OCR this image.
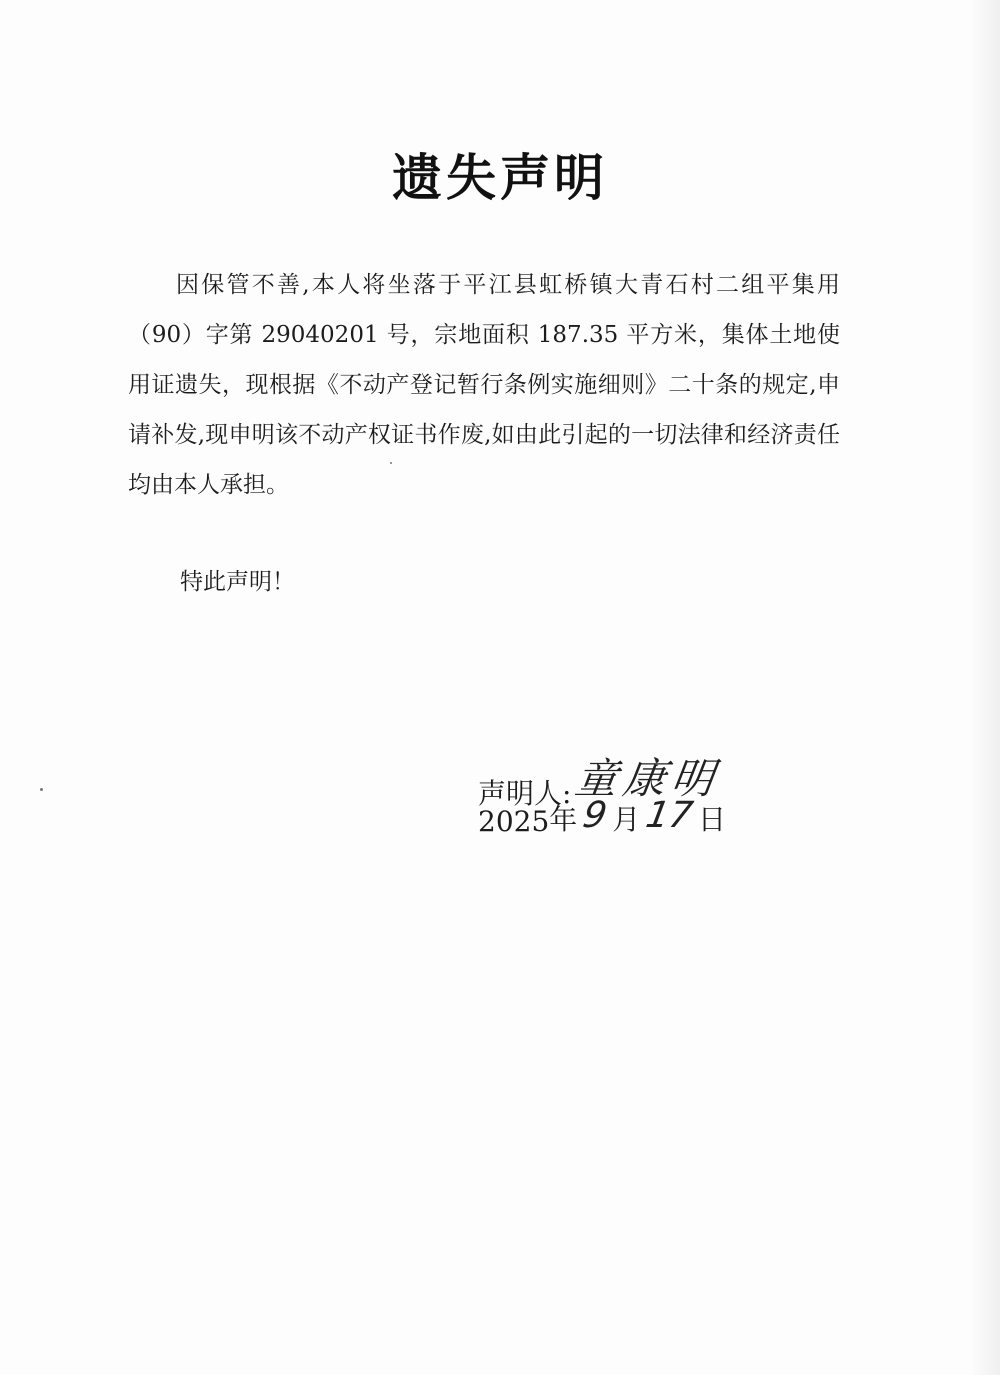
遗失声明

因保管不善,本人将坐落于平江县虹桥镇大青石村二组平集用（90）字第 29040201 号，宗地面积 187.35 平方米，集体土地使用证遗失，现根据《不动产登记暂行条例实施细则》二十条的规定,申请补发,现申明该不动产权证书作废,如由此引起的一切法律和经济责任均由本人承担。

特此声明！
声明人: 童康明
2025 年 9 月 17 日
